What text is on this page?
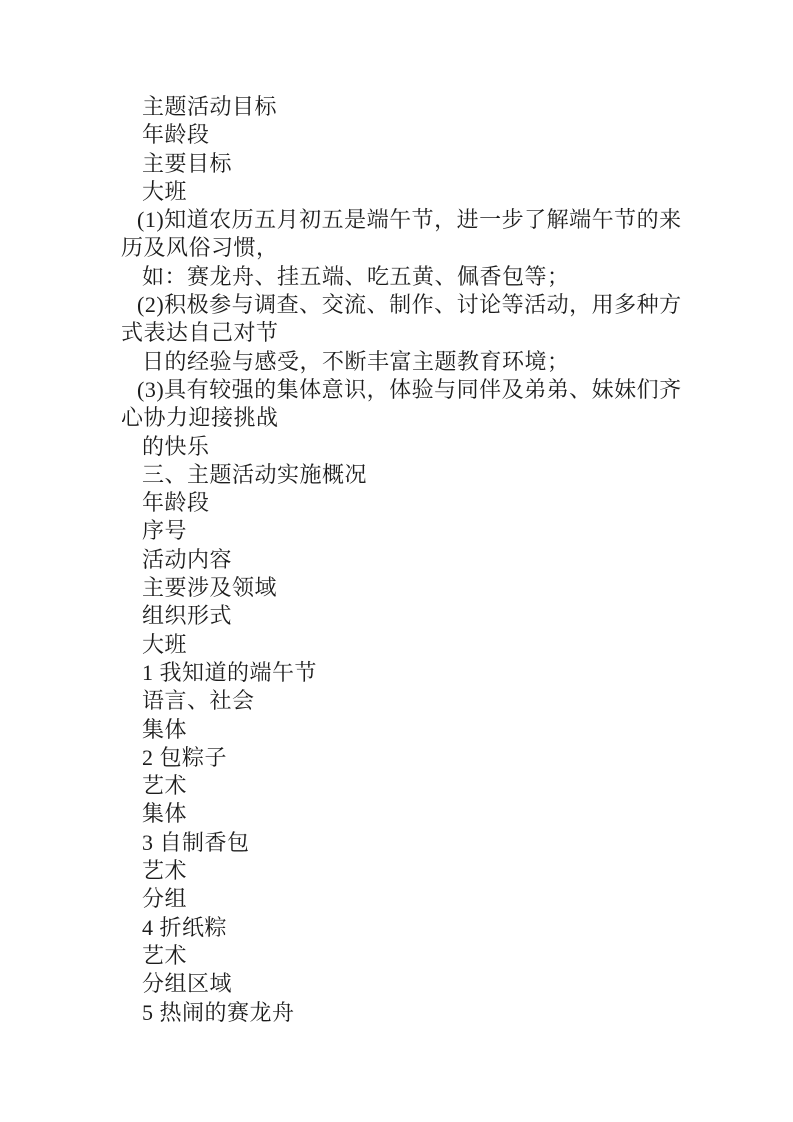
主题活动目标
年龄段
主要目标
大班
(1)知道农历五月初五是端午节，进一步了解端午节的来
历及风俗习惯，
如：赛龙舟、挂五端、吃五黄、佩香包等；
(2)积极参与调查、交流、制作、讨论等活动，用多种方
式表达自己对节
日的经验与感受，不断丰富主题教育环境；
(3)具有较强的集体意识，体验与同伴及弟弟、妹妹们齐
心协力迎接挑战
的快乐
三、主题活动实施概况
年龄段
序号
活动内容
主要涉及领域
组织形式
大班
1 我知道的端午节
语言、社会
集体
2 包粽子
艺术
集体
3 自制香包
艺术
分组
4 折纸粽
艺术
分组区域
5 热闹的赛龙舟
